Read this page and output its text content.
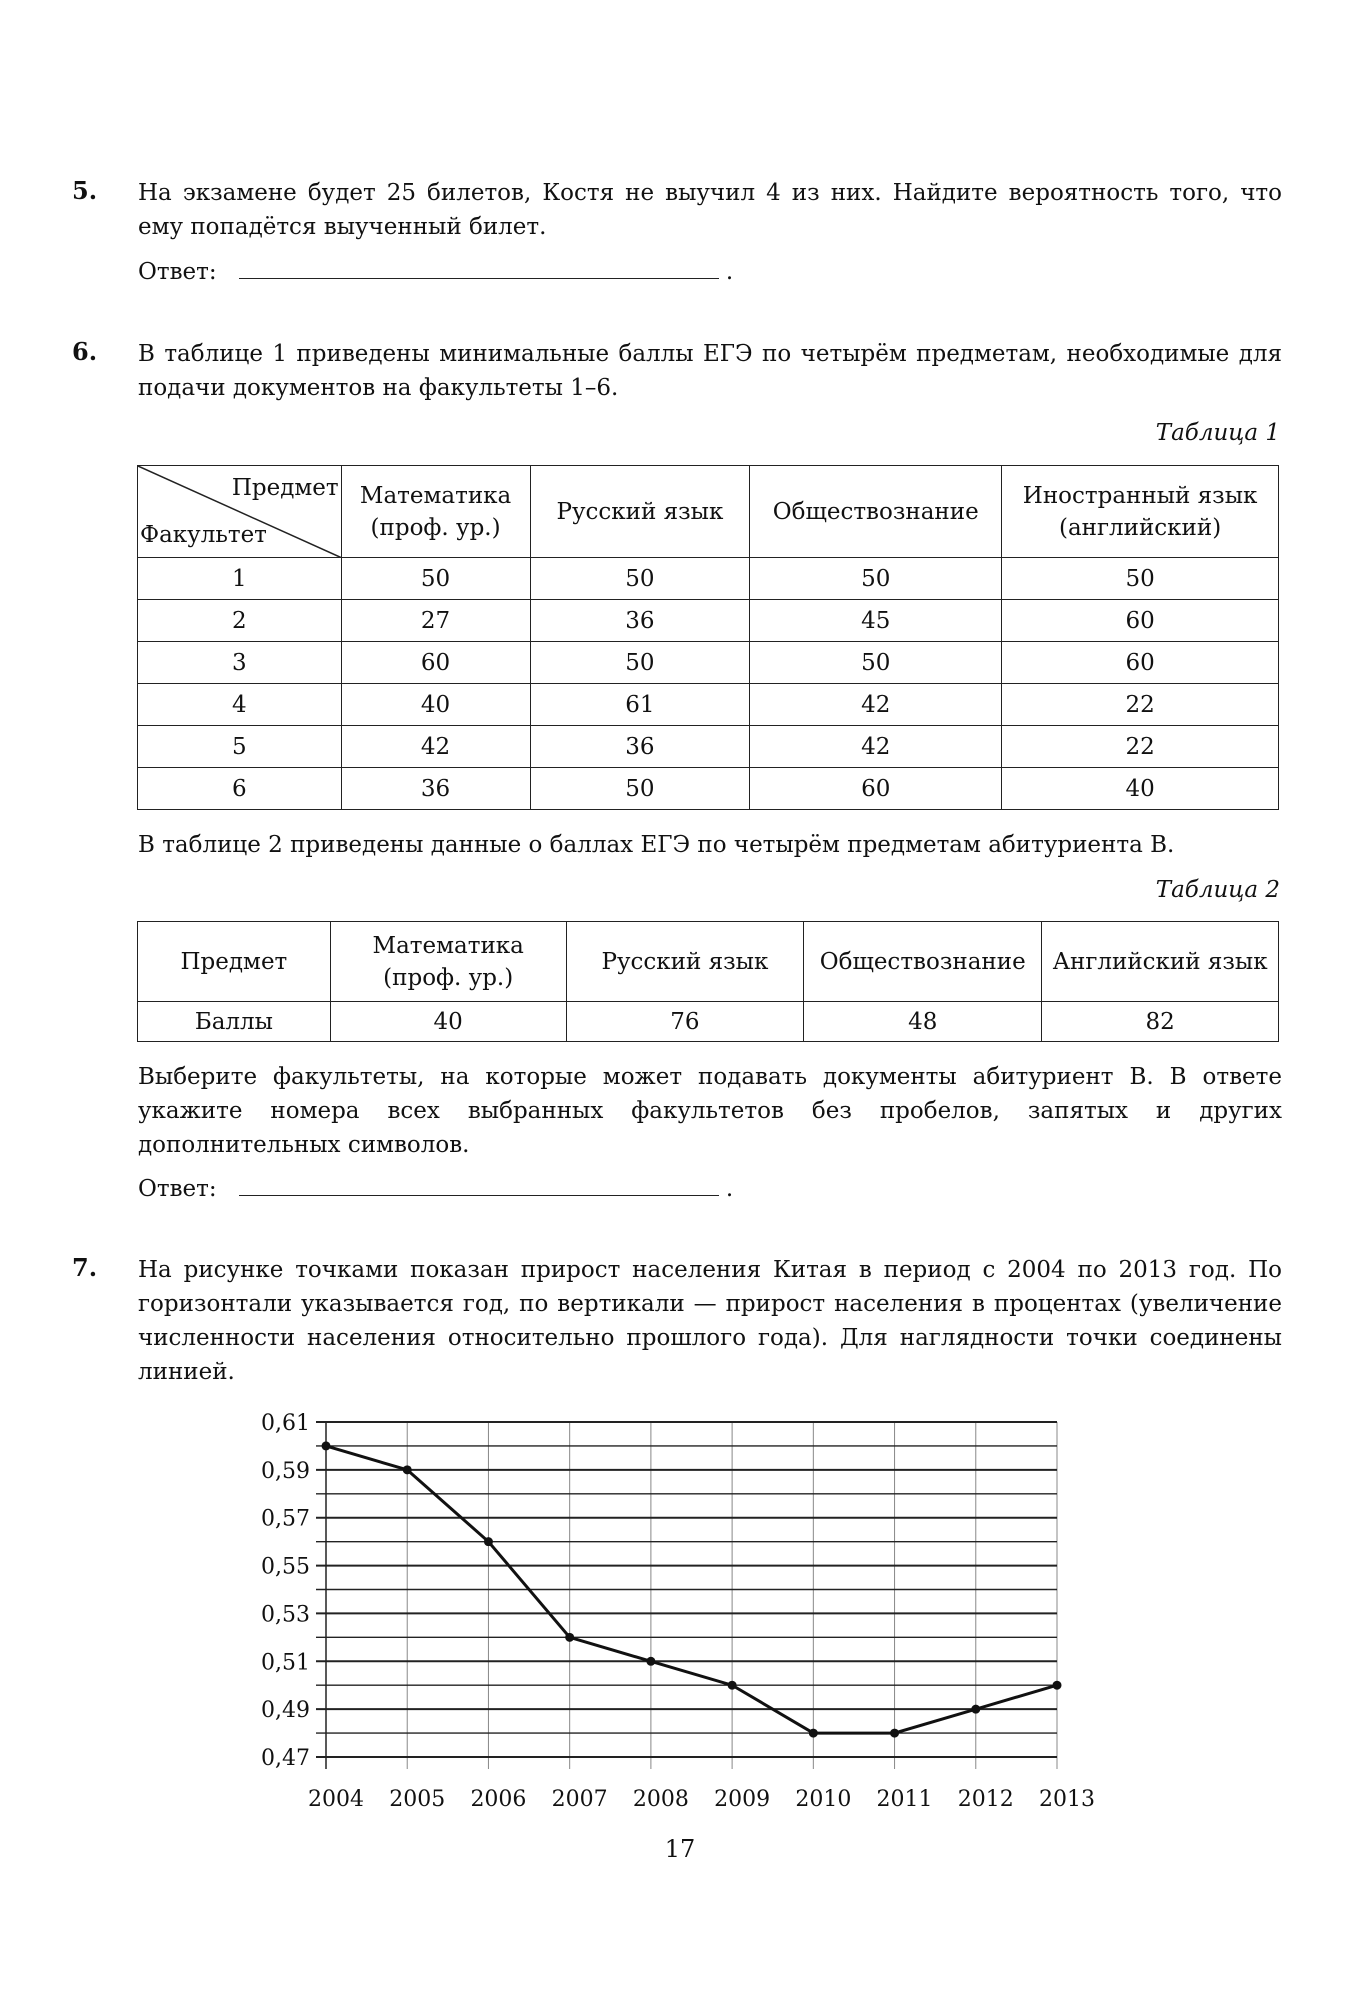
5. На экзамене будет 25 билетов, Костя не выучил 4 из них. Найдите вероятность того, что ему попадётся выученный билет.
Ответ:	.
6. В таблице 1 приведены минимальные баллы ЕГЭ по четырём предметам, необходимые для подачи документов на факультеты 1–6.
Таблица 1
Предмет
Факультет	Математика (проф. ур.)	Русский язык	Обществознание	Иностранный язык (английский)
1	50	50	50	50
2	27	36	45	60
3	60	50	50	60
4	40	61	42	22
5	42	36	42	22
6	36	50	60	40
В таблице 2 приведены данные о баллах ЕГЭ по четырём предметам абитуриента В.
Таблица 2
Предмет	Математика (проф. ур.)	Русский язык	Обществознание	Английский язык
Баллы	40	76	48	82
Выберите факультеты, на которые может подавать документы абитуриент В. В ответе укажите номера всех выбранных факультетов без пробелов, запятых и других дополнительных символов.
Ответ:	.
7. На рисунке точками показан прирост населения Китая в период с 2004 по 2013 год. По горизонтали указывается год, по вертикали — прирост населения в процентах (увеличение численности населения относительно прошлого года). Для наглядности точки соединены линией.
0,61
0,59
0,57
0,55
0,53
0,51
0,49
0,47
2004 2005 2006 2007 2008 2009 2010 2011 2012 2013
17
